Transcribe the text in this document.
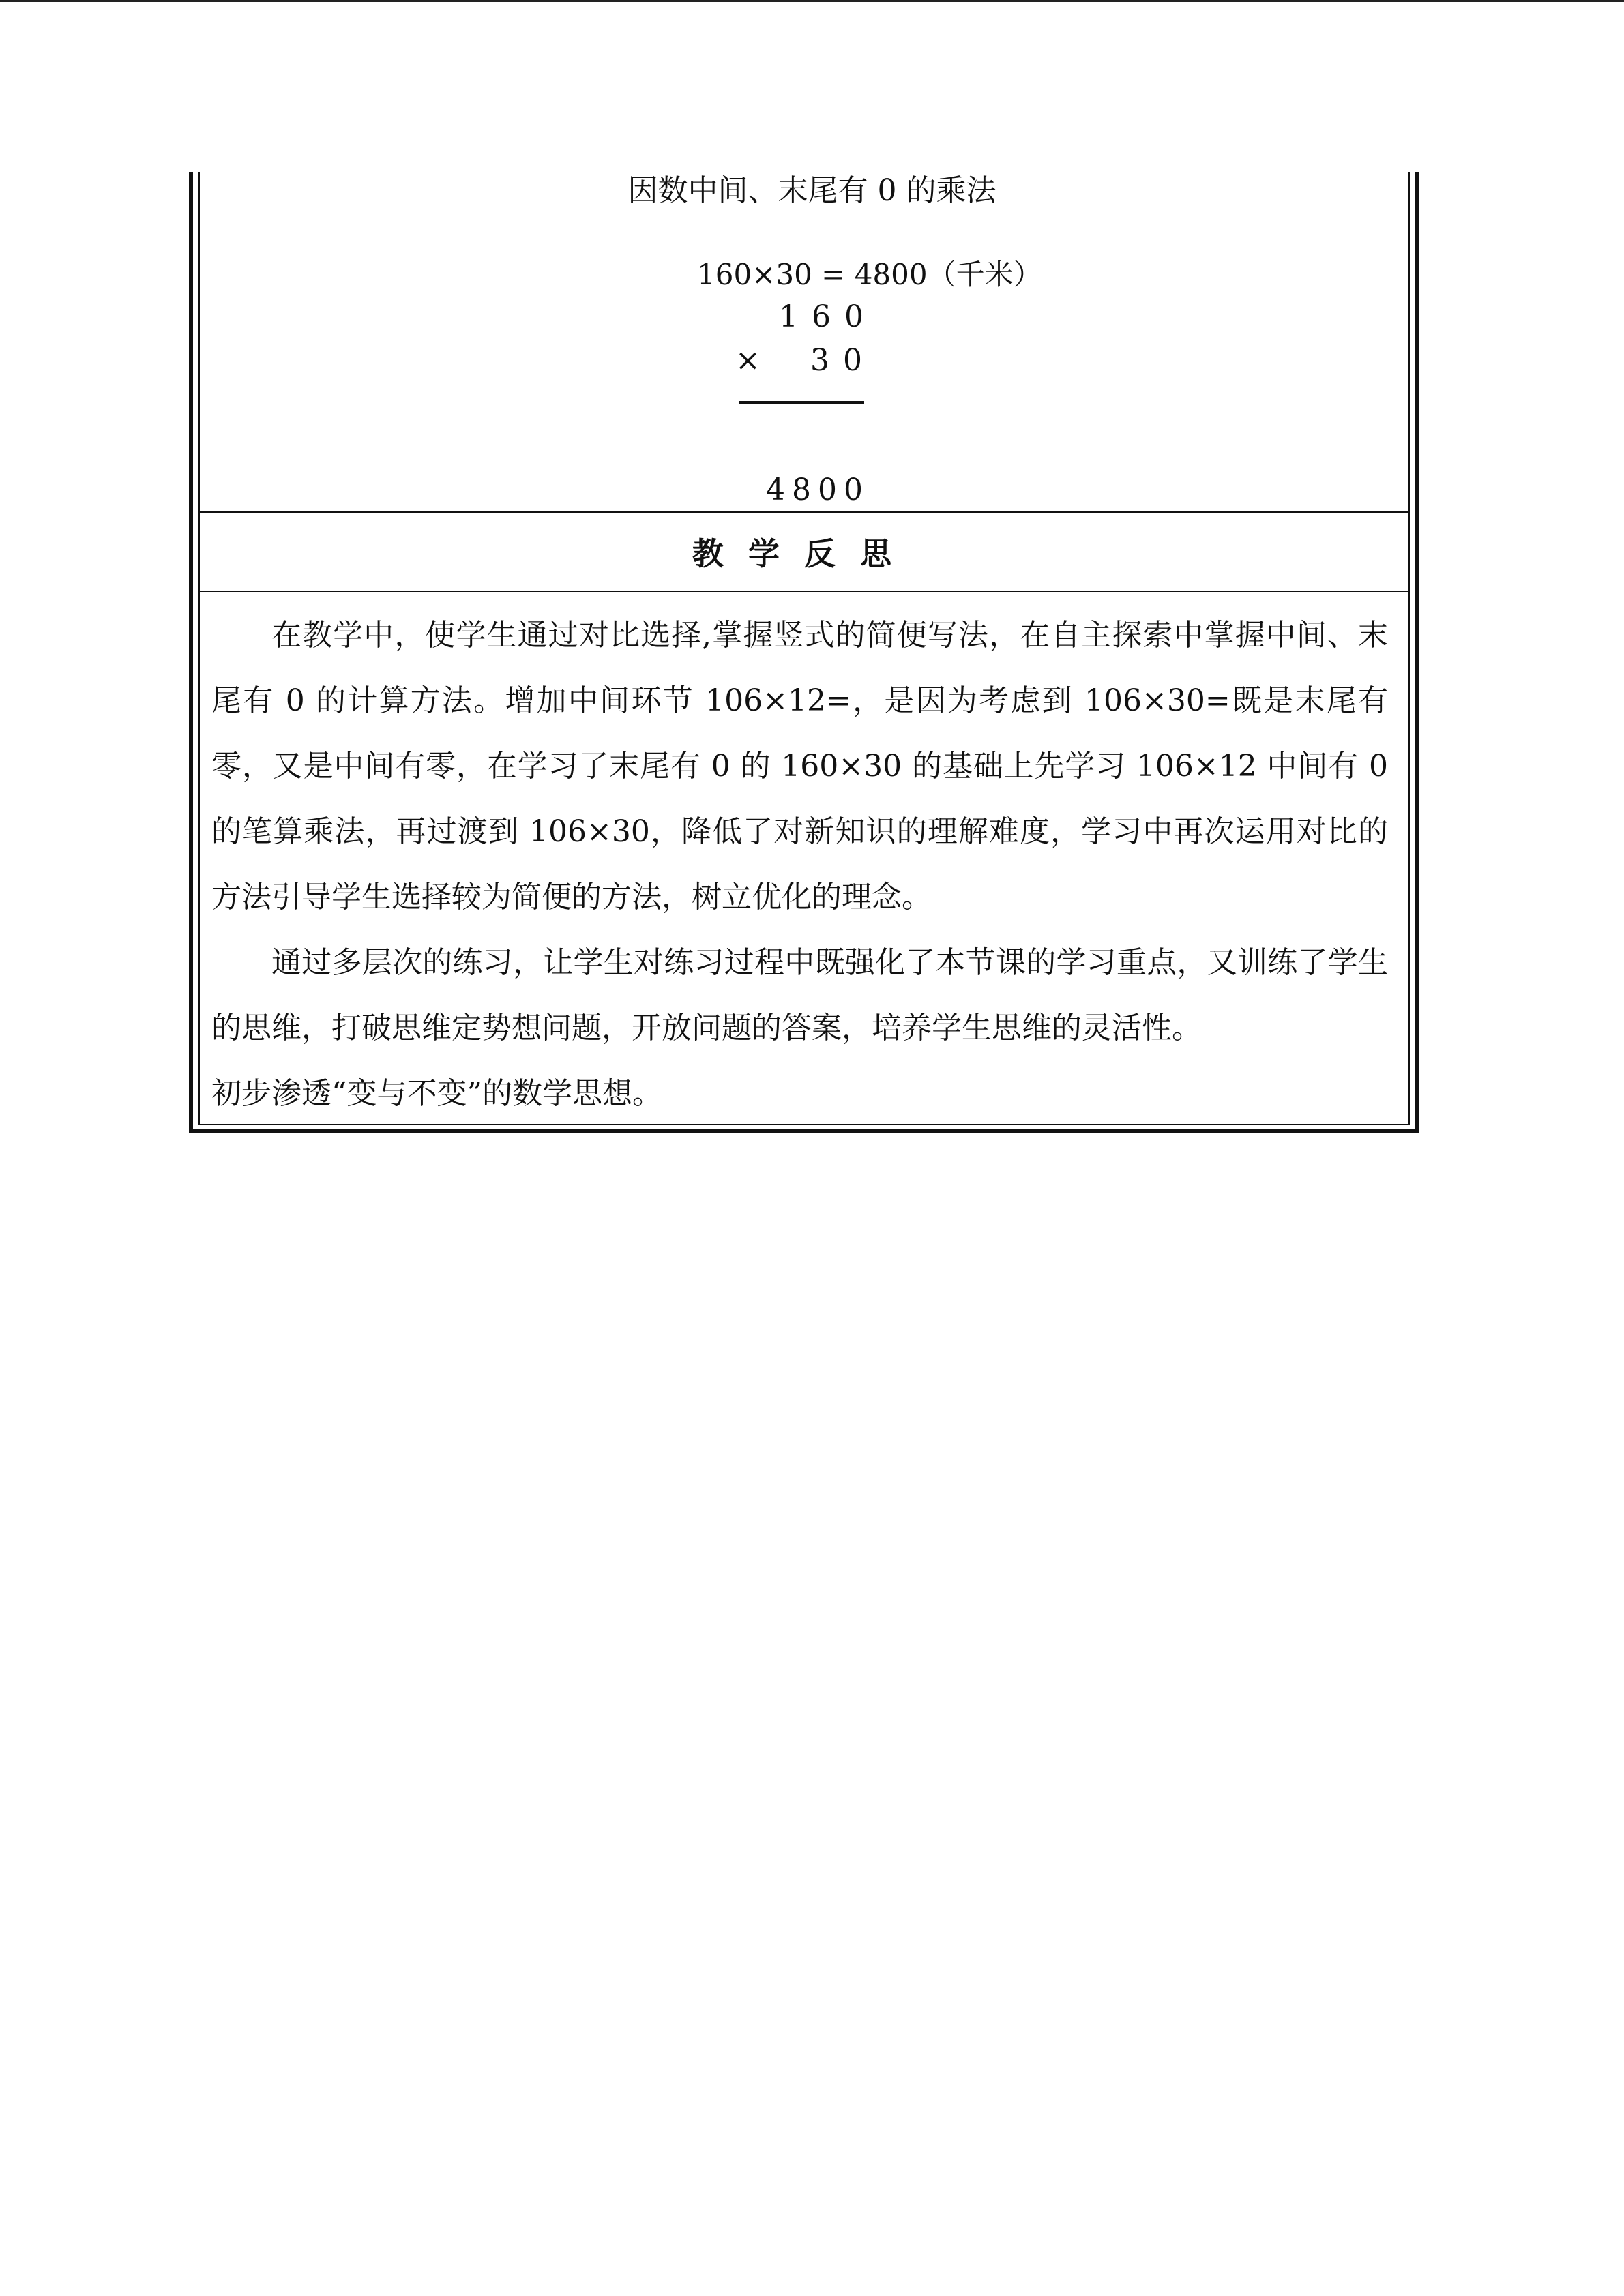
因数中间、末尾有 0 的乘法
160×30 = 4800（千米）
160
× 30
4800
教学反思

在教学中，使学生通过对比选择,掌握竖式的简便写法，在自主探索中掌握中间、末尾有 0 的计算方法。增加中间环节 106×12=，是因为考虑到 106×30=既是末尾有零，又是中间有零，在学习了末尾有 0 的 160×30 的基础上先学习 106×12 中间有 0 的笔算乘法，再过渡到 106×30，降低了对新知识的理解难度，学习中再次运用对比的方法引导学生选择较为简便的方法，树立优化的理念。

通过多层次的练习，让学生对练习过程中既强化了本节课的学习重点，又训练了学生的思维，打破思维定势想问题，开放问题的答案，培养学生思维的灵活性。

初步渗透“变与不变”的数学思想。
